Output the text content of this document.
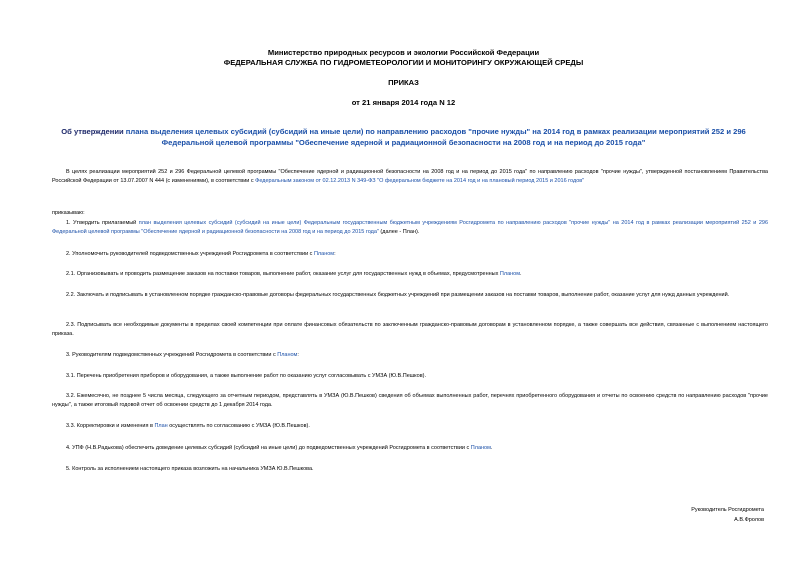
Министерство природных ресурсов и экологии Российской Федерации
ФЕДЕРАЛЬНАЯ СЛУЖБА ПО ГИДРОМЕТЕОРОЛОГИИ И МОНИТОРИНГУ ОКРУЖАЮЩЕЙ СРЕДЫ
ПРИКАЗ
от 21 января 2014 года N 12
Об утверждении плана выделения целевых субсидий (субсидий на иные цели) по направлению расходов "прочие нужды" на 2014 год в рамках реализации мероприятий 252 и 296 Федеральной целевой программы "Обеспечение ядерной и радиационной безопасности на 2008 год и на период до 2015 года"
В целях реализации мероприятий 252 и 296 Федеральной целевой программы "Обеспечение ядерной и радиационной безопасности на 2008 год и на период до 2015 года" по направлению расходов "прочие нужды", утвержденной постановлением Правительства Российской Федерации от 13.07.2007 N 444 (с изменениями), в соответствии с Федеральным законом от 02.12.2013 N 349-ФЗ "О федеральном бюджете на 2014 год и на плановый период 2015 и 2016 годов"
приказываю:
1. Утвердить прилагаемый план выделения целевых субсидий (субсидий на иные цели) Федеральным государственным бюджетным учреждениям Росгидромета по направлению расходов "прочие нужды" на 2014 год в рамках реализации мероприятий 252 и 296 Федеральной целевой программы "Обеспечение ядерной и радиационной безопасности на 2008 год и на период до 2015 года" (далее - План).
2. Уполномочить руководителей подведомственных учреждений Росгидромета в соответствии с Планом:
2.1. Организовывать и проводить размещение заказов на поставки товаров, выполнение работ, оказание услуг для государственных нужд в объемах, предусмотренных Планом.
2.2. Заключать и подписывать в установленном порядке гражданско-правовые договоры федеральных государственных бюджетных учреждений при размещении заказов на поставки товаров, выполнение работ, оказание услуг для нужд данных учреждений.
2.3. Подписывать все необходимые документы в пределах своей компетенции при оплате финансовых обязательств по заключенным гражданско-правовым договорам в установленном порядке, а также совершать все действия, связанные с выполнением настоящего приказа.
3. Руководителям подведомственных учреждений Росгидромета в соответствии с Планом:
3.1. Перечень приобретения приборов и оборудования, а также выполнение работ по оказанию услуг согласовывать с УМЗА (Ю.В.Пешков).
3.2. Ежемесячно, не позднее 5 числа месяца, следующего за отчетным периодом, представлять в УМЗА (Ю.В.Пешков) сведения об объемах выполненных работ, перечнях приобретенного оборудования и отчеты по освоению средств по направлению расходов "прочие нужды", а также итоговый годовой отчет об освоении средств до 1 декабря 2014 года.
3.3. Корректировки и изменения в План осуществлять по согласованию с УМЗА (Ю.В.Пешков).
4. УПФ (Н.В.Радькова) обеспечить доведение целевых субсидий (субсидий на иные цели) до подведомственных учреждений Росгидромета в соответствии с Планом.
5. Контроль за исполнением настоящего приказа возложить на начальника УМЗА Ю.В.Пешкова.
Руководитель Росгидромета
А.В.Фролов
